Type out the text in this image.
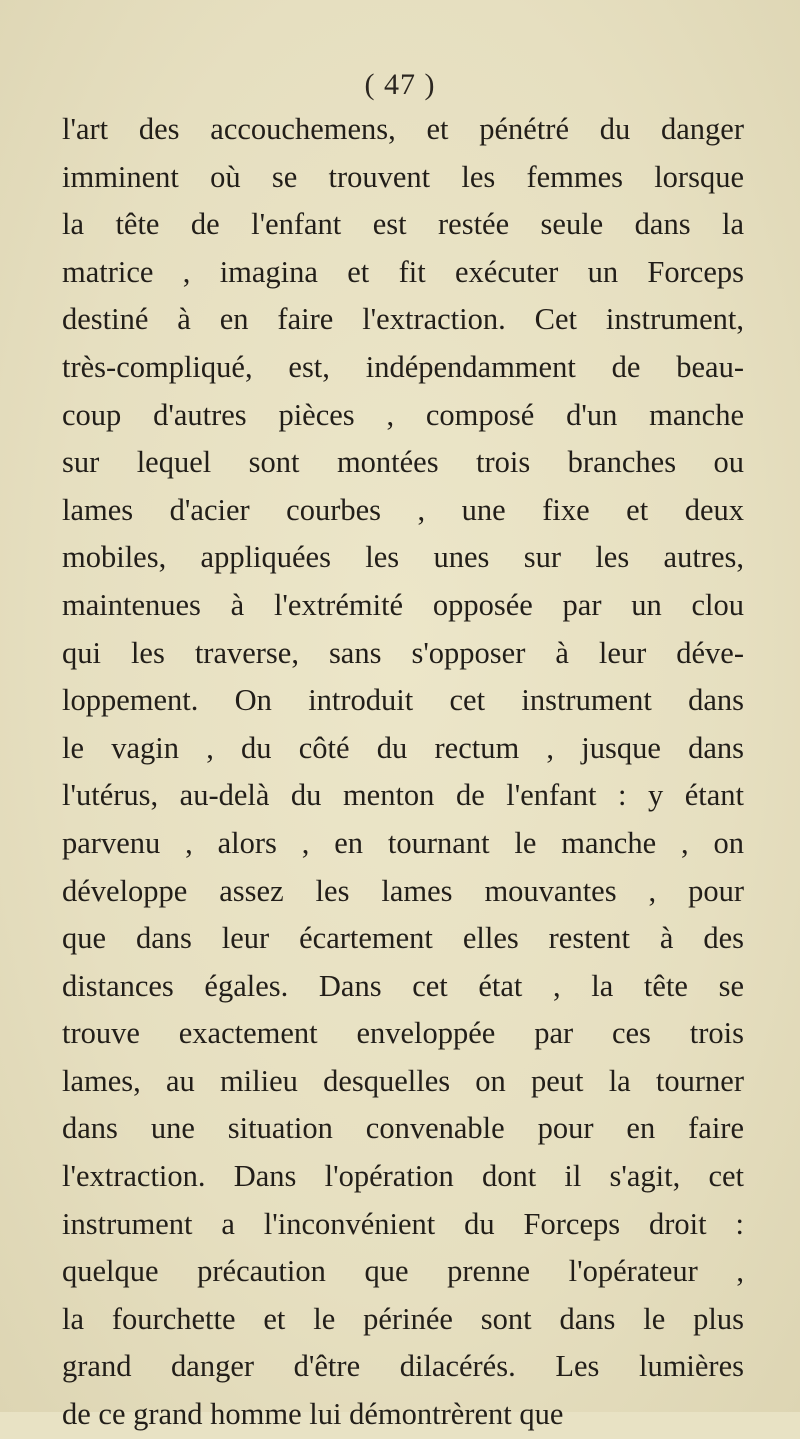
( 47 )
l'art des accouchemens, et pénétré du danger
imminent où se trouvent les femmes lorsque
la tête de l'enfant est restée seule dans la
matrice , imagina et fit exécuter un Forceps
destiné à en faire l'extraction. Cet instrument,
très-compliqué, est, indépendamment de beau-
coup d'autres pièces , composé d'un manche
sur lequel sont montées trois branches ou
lames d'acier courbes , une fixe et deux
mobiles, appliquées les unes sur les autres,
maintenues à l'extrémité opposée par un clou
qui les traverse, sans s'opposer à leur déve-
loppement. On introduit cet instrument dans
le vagin , du côté du rectum , jusque dans
l'utérus, au-delà du menton de l'enfant : y étant
parvenu , alors , en tournant le manche , on
développe assez les lames mouvantes , pour
que dans leur écartement elles restent à des
distances égales. Dans cet état , la tête se
trouve exactement enveloppée par ces trois
lames, au milieu desquelles on peut la tourner
dans une situation convenable pour en faire
l'extraction. Dans l'opération dont il s'agit, cet
instrument a l'inconvénient du Forceps droit :
quelque précaution que prenne l'opérateur ,
la fourchette et le périnée sont dans le plus
grand danger d'être dilacérés. Les lumières
de ce grand homme lui démontrèrent que
